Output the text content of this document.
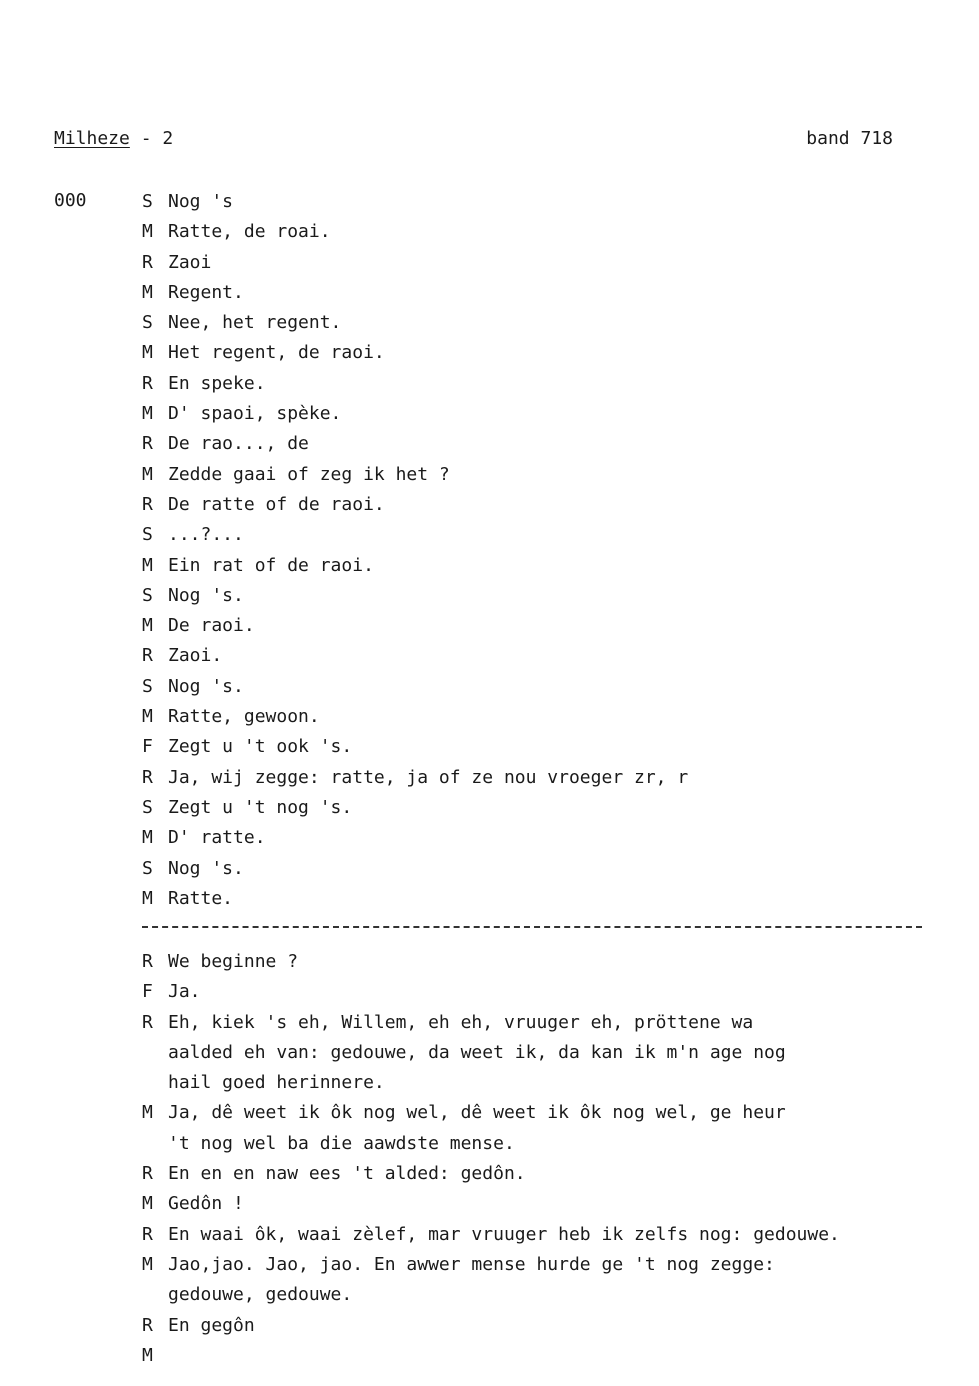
Milheze - 2	band 718
000	S Nog 's
M Ratte, de roai.
R Zaoi
M Regent.
S Nee, het regent.
M Het regent, de raoi.
R En speke.
M D' spaoi, spèke.
R De rao..., de
M Zedde gaai of zeg ik het ?
R De ratte of de raoi.
S ...?...
M Ein rat of de raoi.
S Nog 's.
M De raoi.
R Zaoi.
S Nog 's.
M Ratte, gewoon.
F Zegt u 't ook 's.
R Ja, wij zegge: ratte, ja of ze nou vroeger zr, r
S Zegt u 't nog 's.
M D' ratte.
S Nog 's.
M Ratte.
R We beginne ?
F Ja.
R Eh, kiek 's eh, Willem, eh eh, vruuger eh, pröttene wa
aalded eh van: gedouwe, da weet ik, da kan ik m'n age nog
hail goed herinnere.
M Ja, dê weet ik ôk nog wel, dê weet ik ôk nog wel, ge heur
't nog wel ba die aawdste mense.
R En en en naw ees 't alded: gedôn.
M Gedôn !
R En waai ôk, waai zèlef, mar vruuger heb ik zelfs nog: gedouwe.
M Jao,jao. Jao, jao. En awwer mense hurde ge 't nog zegge:
gedouwe, gedouwe.
R En gegôn
M
